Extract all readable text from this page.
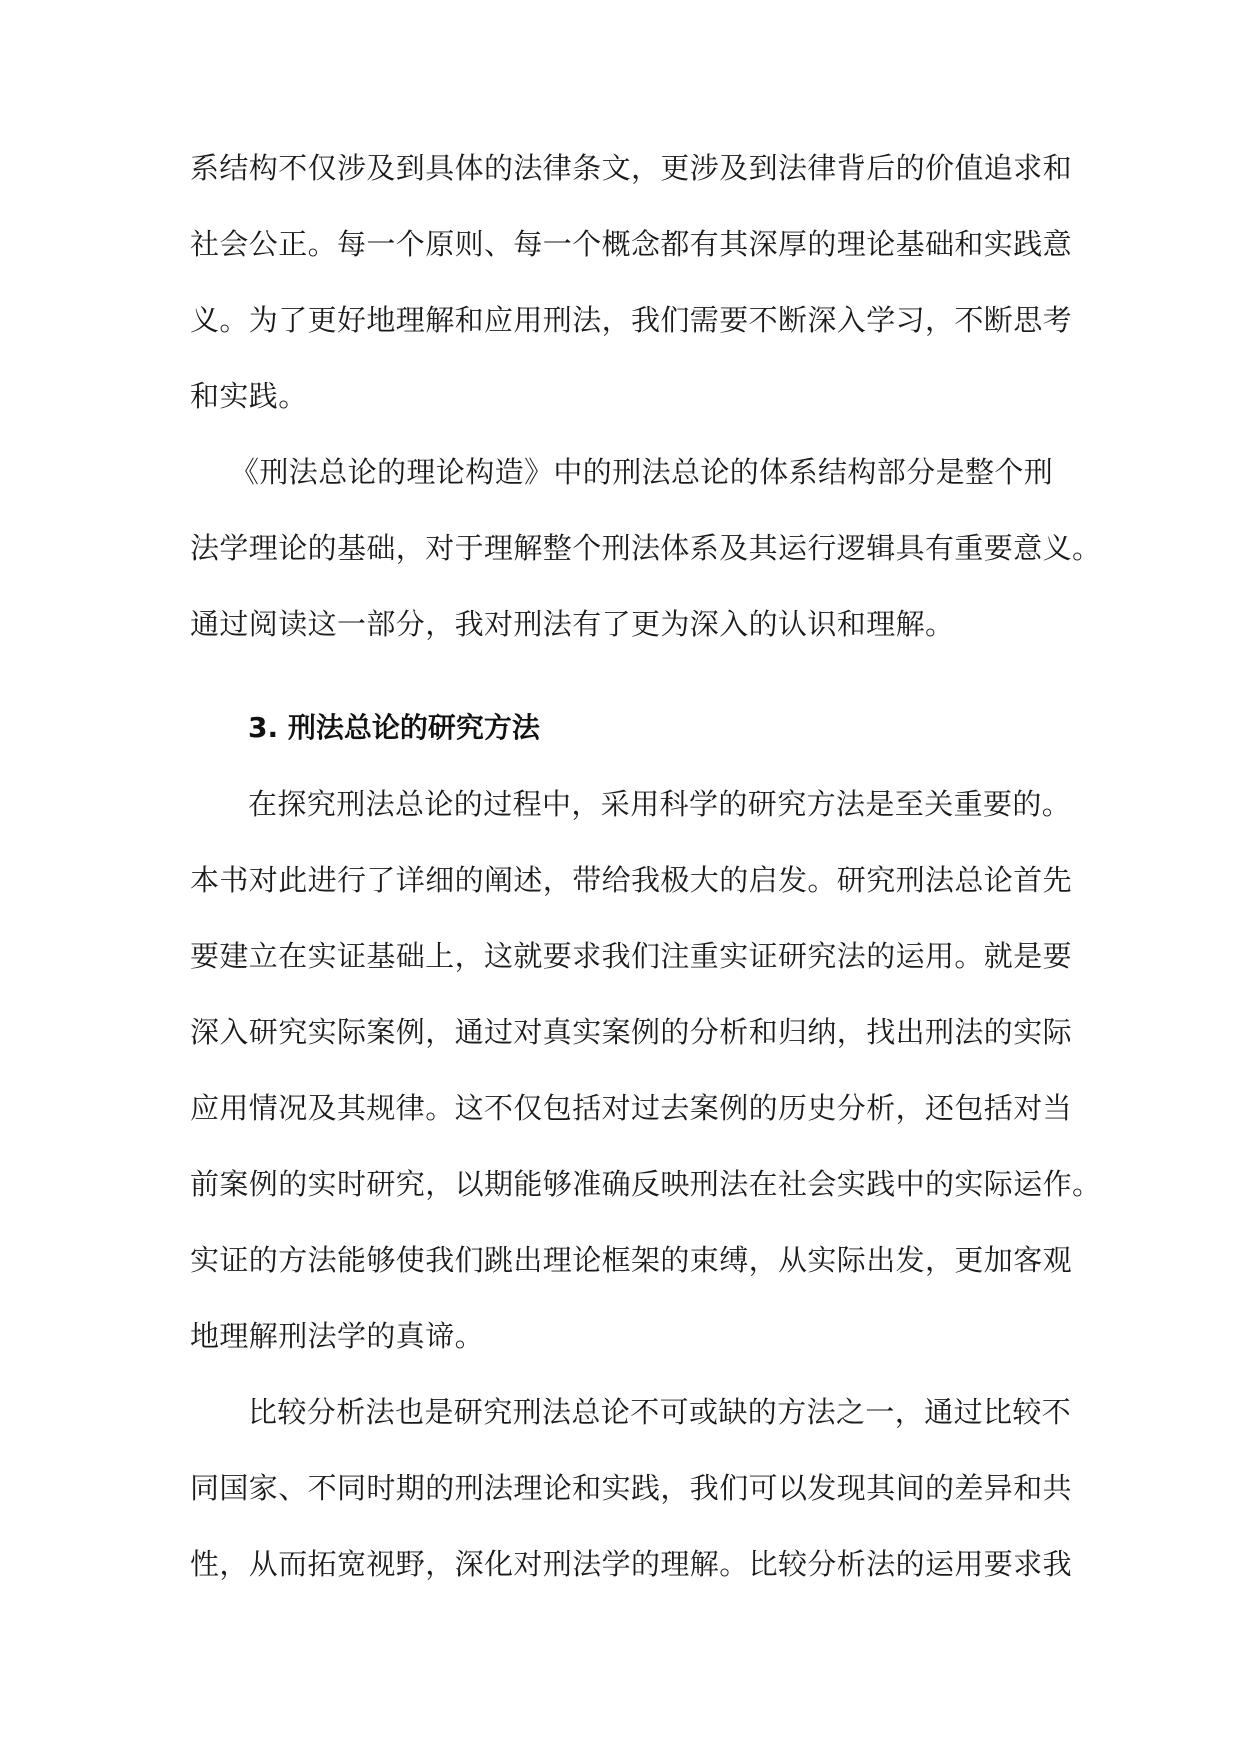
系结构不仅涉及到具体的法律条文，更涉及到法律背后的价值追求和
社会公正。每一个原则、每一个概念都有其深厚的理论基础和实践意
义。为了更好地理解和应用刑法，我们需要不断深入学习，不断思考
和实践。
《刑法总论的理论构造》中的刑法总论的体系结构部分是整个刑
法学理论的基础，对于理解整个刑法体系及其运行逻辑具有重要意义。
通过阅读这一部分，我对刑法有了更为深入的认识和理解。
3. 刑法总论的研究方法
在探究刑法总论的过程中，采用科学的研究方法是至关重要的。
本书对此进行了详细的阐述，带给我极大的启发。研究刑法总论首先
要建立在实证基础上，这就要求我们注重实证研究法的运用。就是要
深入研究实际案例，通过对真实案例的分析和归纳，找出刑法的实际
应用情况及其规律。这不仅包括对过去案例的历史分析，还包括对当
前案例的实时研究，以期能够准确反映刑法在社会实践中的实际运作。
实证的方法能够使我们跳出理论框架的束缚，从实际出发，更加客观
地理解刑法学的真谛。
比较分析法也是研究刑法总论不可或缺的方法之一，通过比较不
同国家、不同时期的刑法理论和实践，我们可以发现其间的差异和共
性，从而拓宽视野，深化对刑法学的理解。比较分析法的运用要求我
